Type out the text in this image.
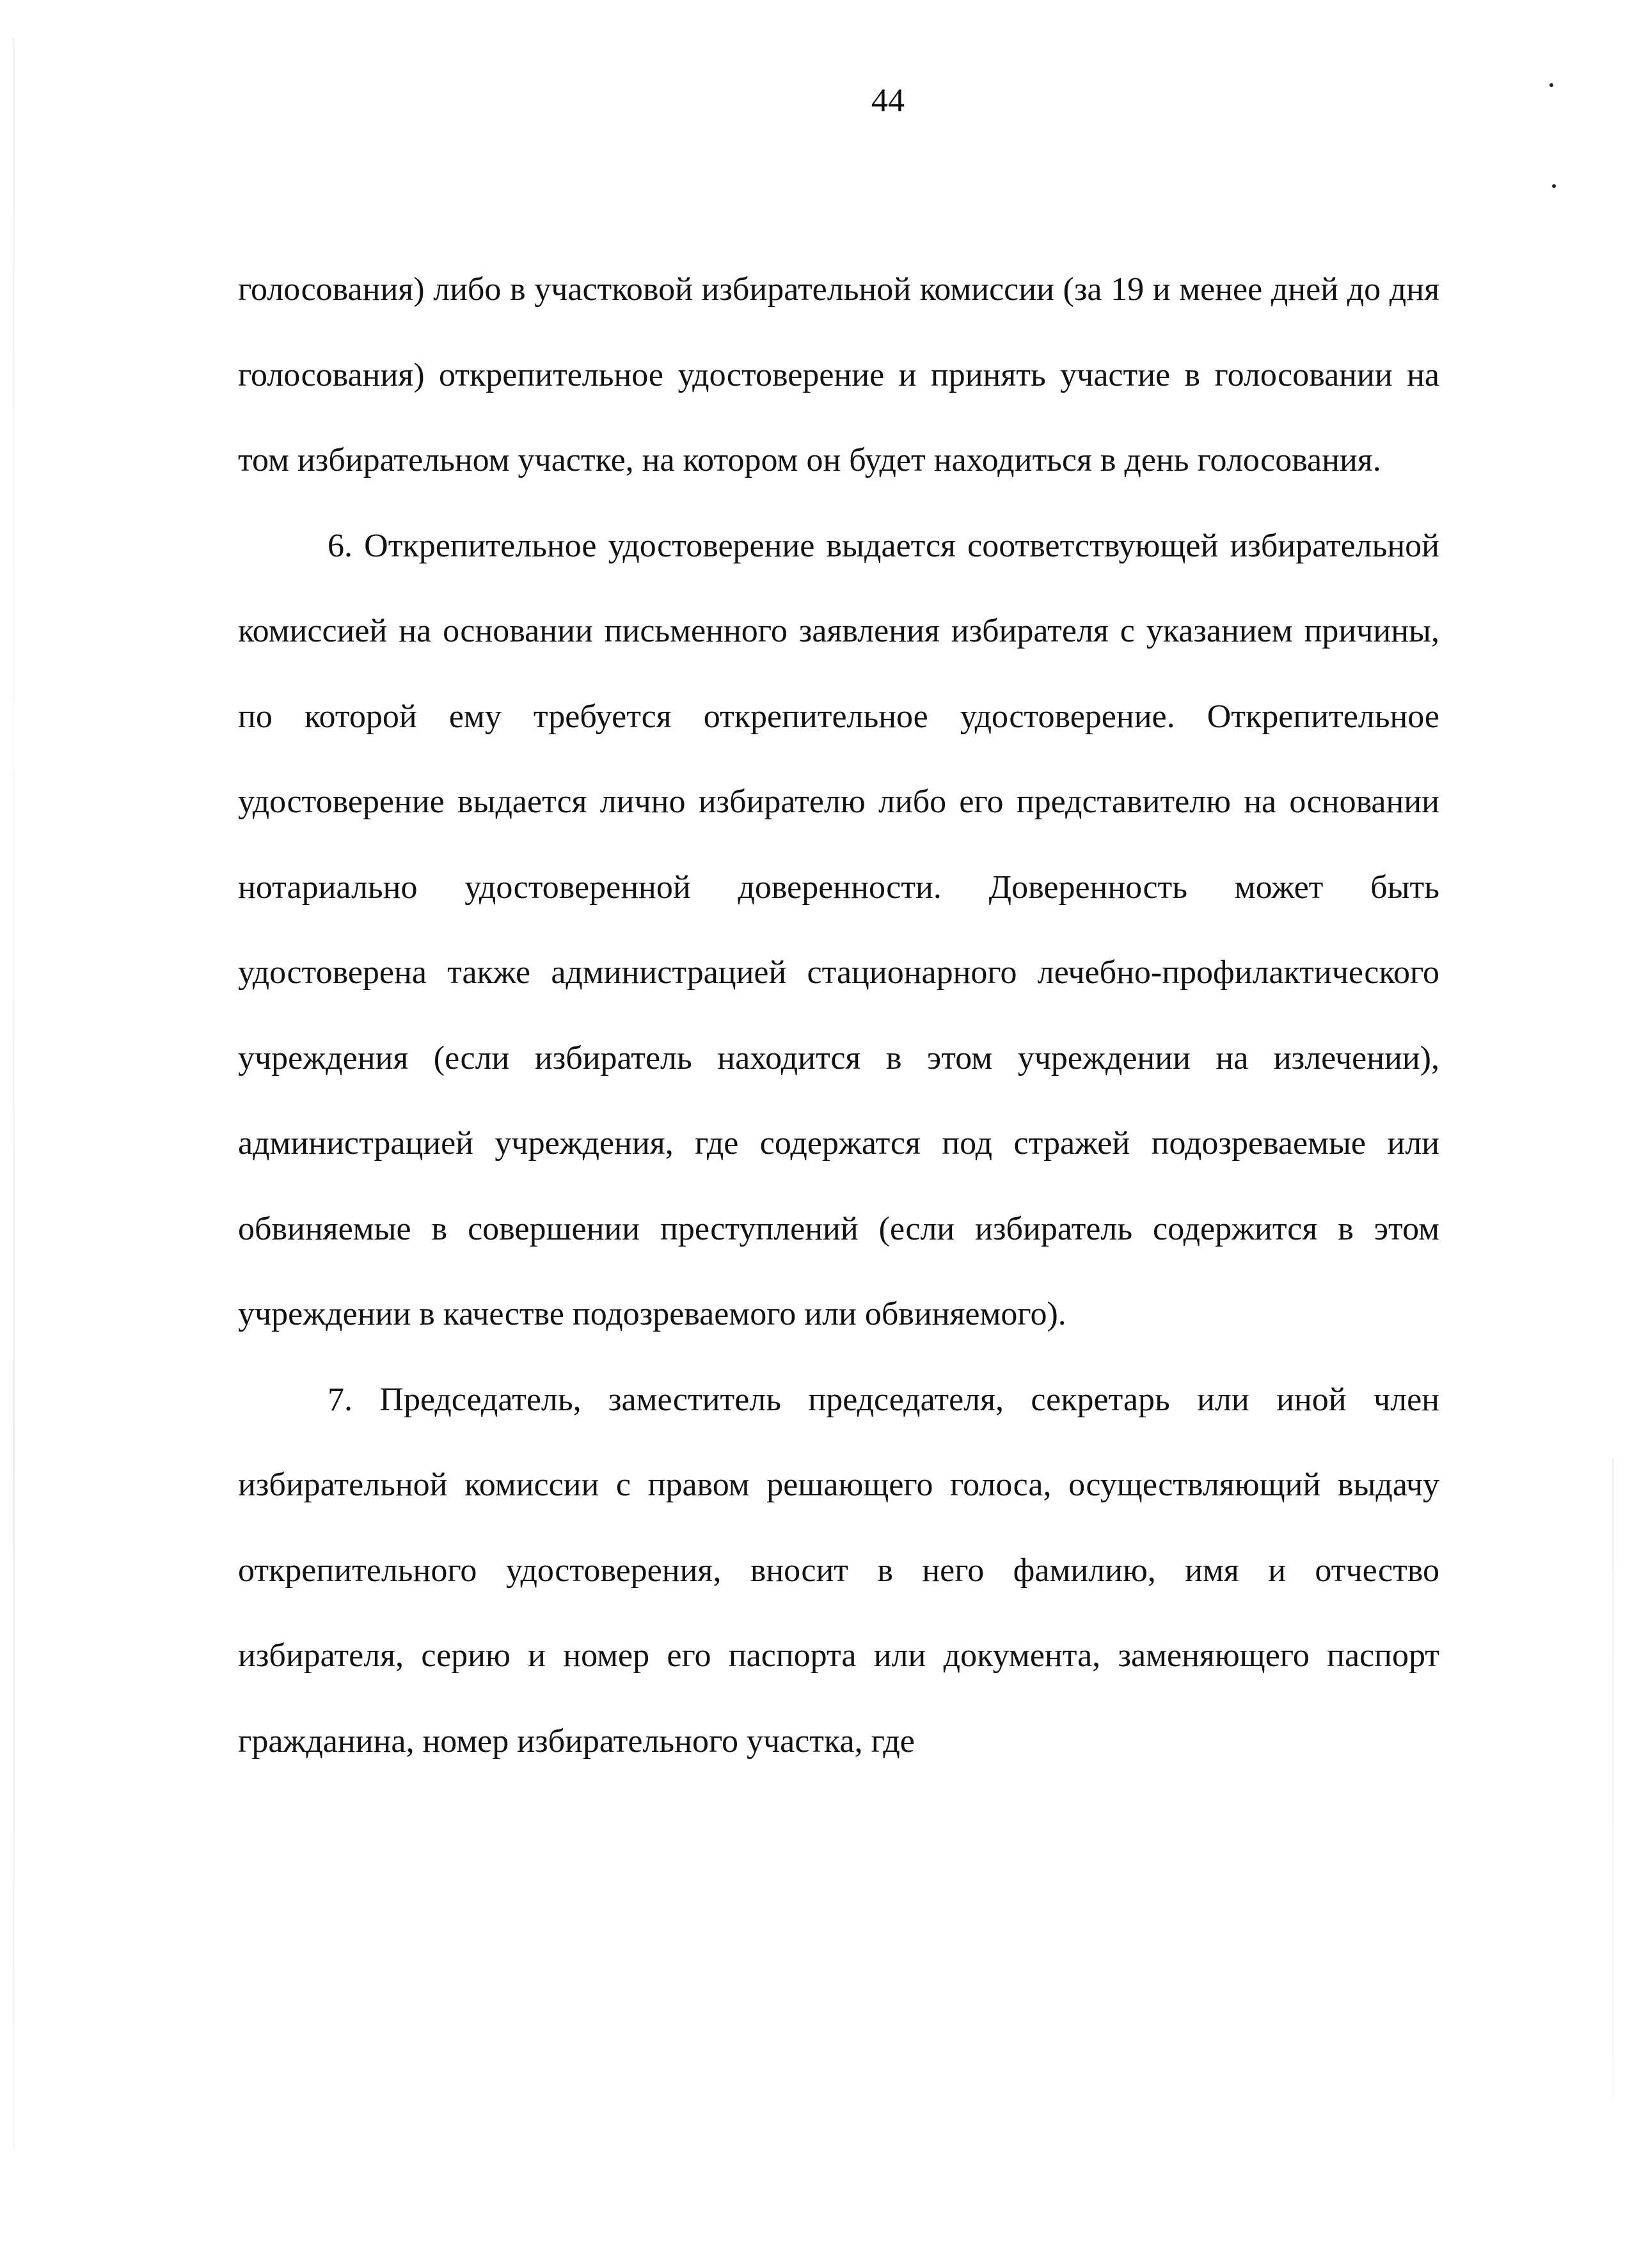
44

голосования) либо в участковой избирательной комиссии (за 19 и менее дней до дня голосования) открепительное удостоверение и принять участие в голосовании на том избирательном участке, на котором он будет находиться в день голосования.

6. Открепительное удостоверение выдается соответствующей избирательной комиссией на основании письменного заявления избирателя с указанием причины, по которой ему требуется открепительное удостоверение. Открепительное удостоверение выдается лично избирателю либо его представителю на основании нотариально удостоверенной доверенности. Доверенность может быть удостоверена также администрацией стационарного лечебно-профилактического учреждения (если избиратель находится в этом учреждении на излечении), администрацией учреждения, где содержатся под стражей подозреваемые или обвиняемые в совершении преступлений (если избиратель содержится в этом учреждении в качестве подозреваемого или обвиняемого).

7. Председатель, заместитель председателя, секретарь или иной член избирательной комиссии с правом решающего голоса, осуществляющий выдачу открепительного удостоверения, вносит в него фамилию, имя и отчество избирателя, серию и номер его паспорта или документа, заменяющего паспорт гражданина, номер избирательного участка, где
